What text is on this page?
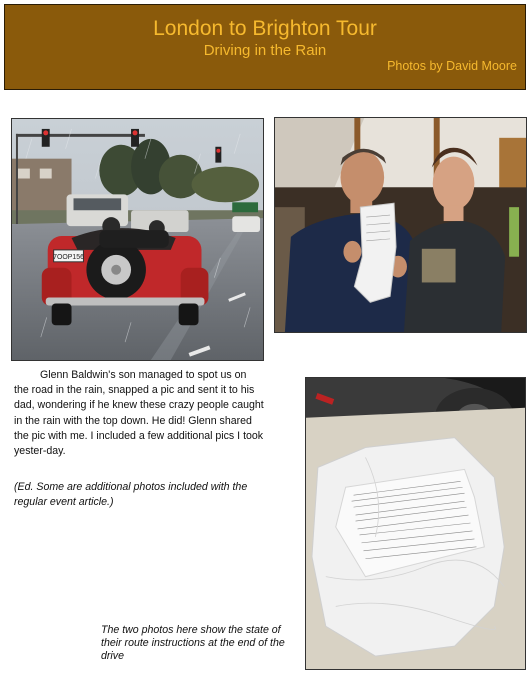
London to Brighton Tour
Driving in the Rain
Photos by David Moore
7OOP156

Glenn Baldwin's son managed to spot us on the road in the rain, snapped a pic and sent it to his dad, wondering if he knew these crazy people caught in the rain with the top down. He did! Glenn shared the pic with me. I included a few additional pics I took yester-day.

(Ed. Some are additional photos included with the regular event article.)

The two photos here show the state of their route instructions at the end of the drive
